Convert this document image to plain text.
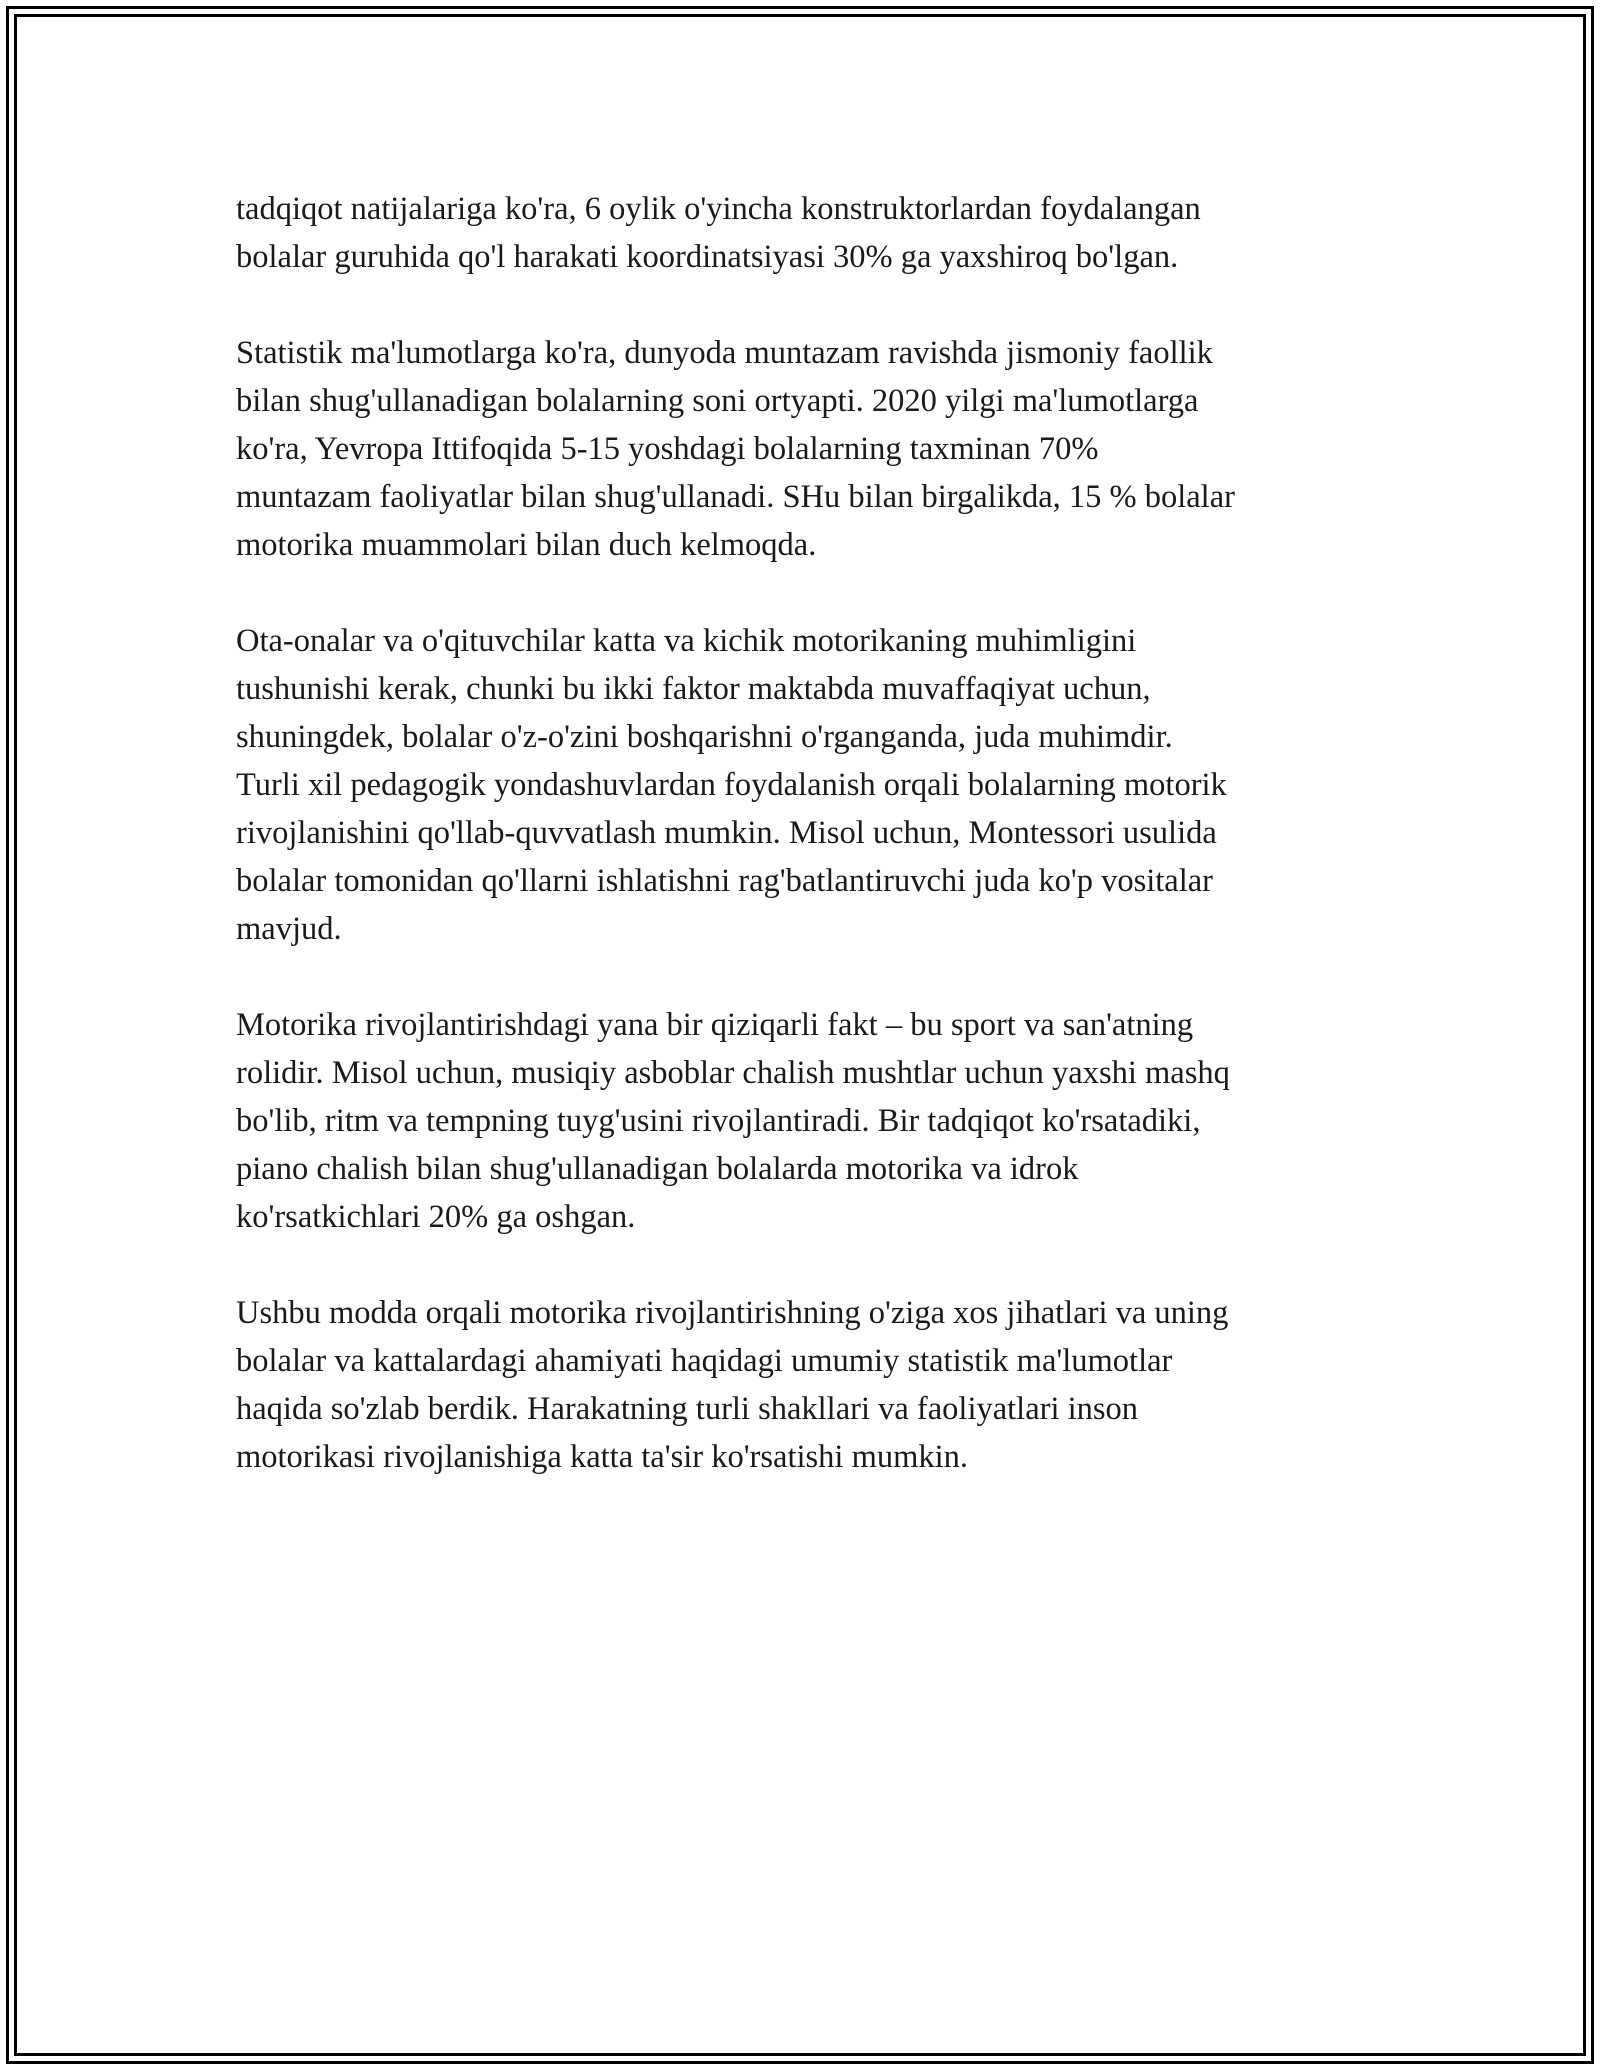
tadqiqot natijalariga ko'ra, 6 oylik o'yincha konstruktorlardan foydalangan
bolalar guruhida qo'l harakati koordinatsiyasi 30% ga yaxshiroq bo'lgan.

Statistik ma'lumotlarga ko'ra, dunyoda muntazam ravishda jismoniy faollik
bilan shug'ullanadigan bolalarning soni ortyapti. 2020 yilgi ma'lumotlarga
ko'ra, Yevropa Ittifoqida 5-15 yoshdagi bolalarning taxminan 70%
muntazam faoliyatlar bilan shug'ullanadi. SHu bilan birgalikda, 15 % bolalar
motorika muammolari bilan duch kelmoqda.

Ota-onalar va o'qituvchilar katta va kichik motorikaning muhimligini
tushunishi kerak, chunki bu ikki faktor maktabda muvaffaqiyat uchun,
shuningdek, bolalar o'z-o'zini boshqarishni o'rganganda, juda muhimdir.
Turli xil pedagogik yondashuvlardan foydalanish orqali bolalarning motorik
rivojlanishini qo'llab-quvvatlash mumkin. Misol uchun, Montessori usulida
bolalar tomonidan qo'llarni ishlatishni rag'batlantiruvchi juda ko'p vositalar
mavjud.

Motorika rivojlantirishdagi yana bir qiziqarli fakt – bu sport va san'atning
rolidir. Misol uchun, musiqiy asboblar chalish mushtlar uchun yaxshi mashq
bo'lib, ritm va tempning tuyg'usini rivojlantiradi. Bir tadqiqot ko'rsatadiki,
piano chalish bilan shug'ullanadigan bolalarda motorika va idrok
ko'rsatkichlari 20% ga oshgan.

Ushbu modda orqali motorika rivojlantirishning o'ziga xos jihatlari va uning
bolalar va kattalardagi ahamiyati haqidagi umumiy statistik ma'lumotlar
haqida so'zlab berdik. Harakatning turli shakllari va faoliyatlari inson
motorikasi rivojlanishiga katta ta'sir ko'rsatishi mumkin.
